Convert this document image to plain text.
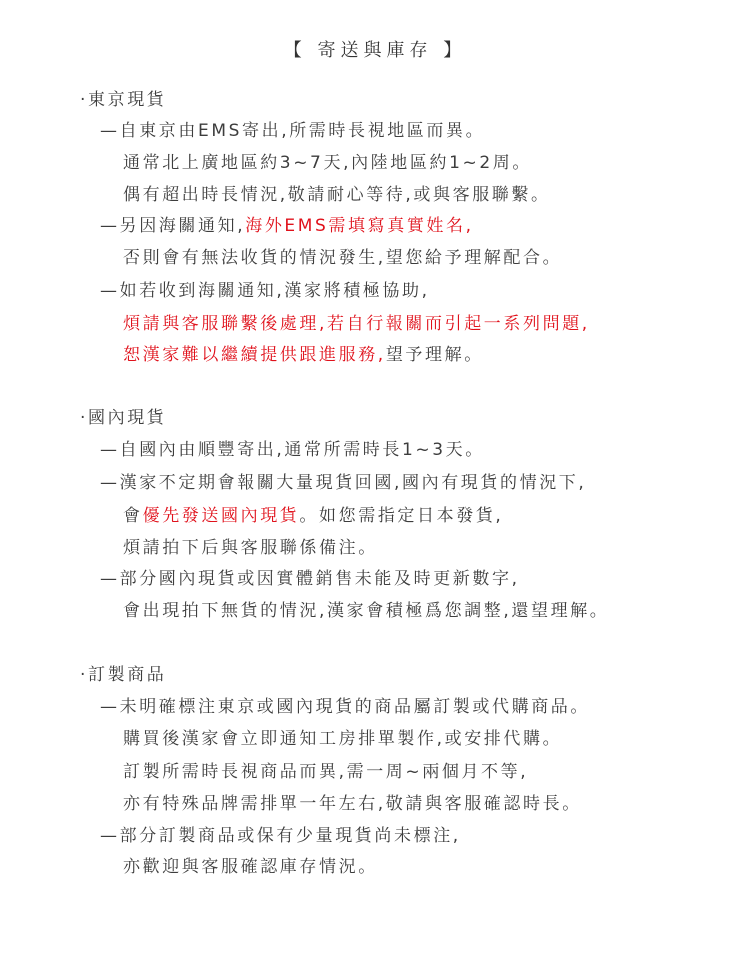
【 寄送與庫存 】
‧東京現貨
—自東京由EMS寄出,所需時長視地區而異。
通常北上廣地區約3~7天,內陸地區約1~2周。
偶有超出時長情況,敬請耐心等待,或與客服聯繫。
—另因海關通知,海外EMS需填寫真實姓名,
否則會有無法收貨的情況發生,望您給予理解配合。
—如若收到海關通知,漢家將積極協助,
煩請與客服聯繫後處理,若自行報關而引起一系列問題,
恕漢家難以繼續提供跟進服務,望予理解。
‧國內現貨
—自國內由順豐寄出,通常所需時長1~3天。
—漢家不定期會報關大量現貨回國,國內有現貨的情況下,
會優先發送國內現貨。如您需指定日本發貨,
煩請拍下后與客服聯係備注。
—部分國內現貨或因實體銷售未能及時更新數字,
會出現拍下無貨的情況,漢家會積極爲您調整,還望理解。
‧訂製商品
—未明確標注東京或國內現貨的商品屬訂製或代購商品。
購買後漢家會立即通知工房排單製作,或安排代購。
訂製所需時長視商品而異,需一周~兩個月不等,
亦有特殊品牌需排單一年左右,敬請與客服確認時長。
—部分訂製商品或保有少量現貨尚未標注,
亦歡迎與客服確認庫存情況。
